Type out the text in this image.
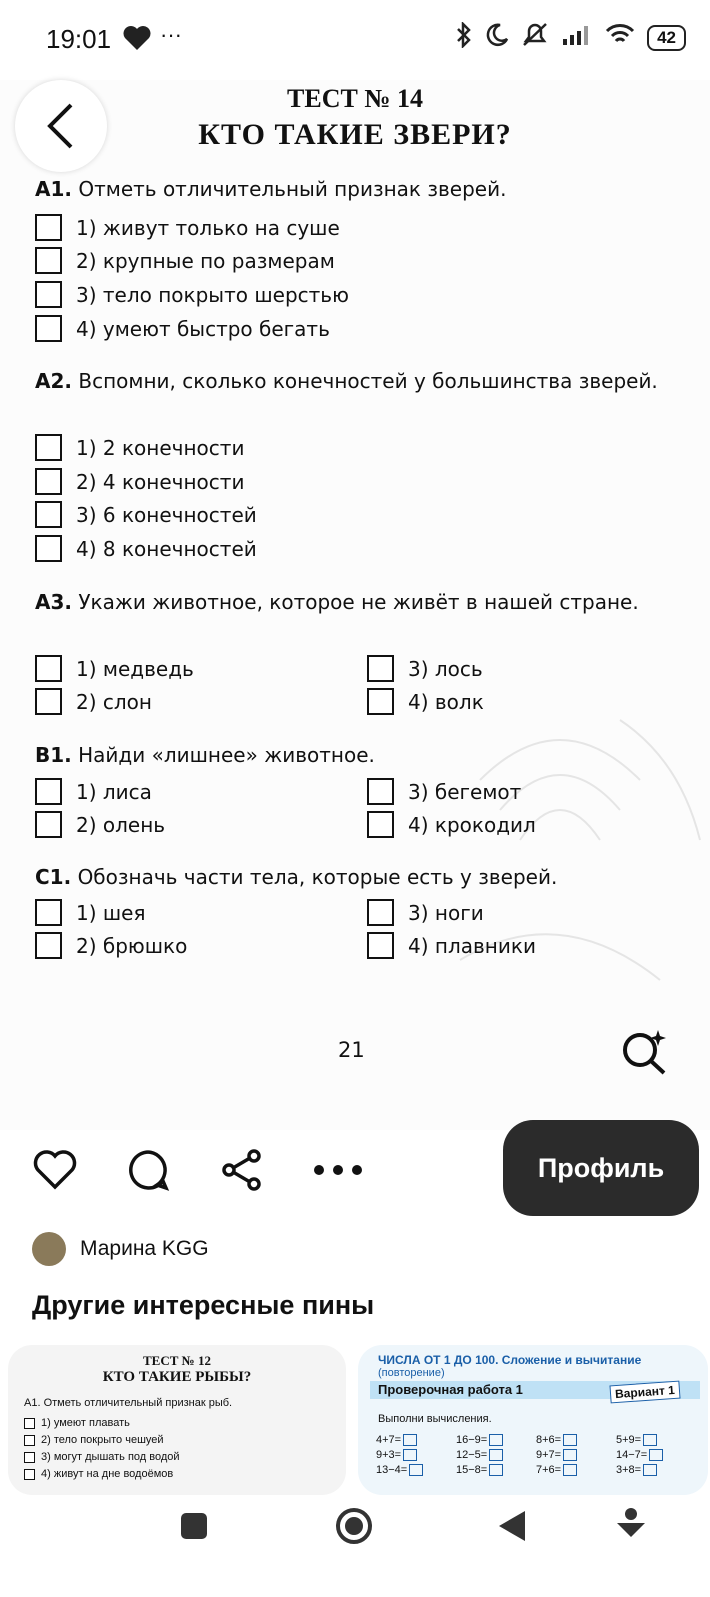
19:01 ···	42
ТЕСТ № 14
КТО ТАКИЕ ЗВЕРИ?
А1. Отметь отличительный признак зверей.
1) живут только на суше
2) крупные по размерам
3) тело покрыто шерстью
4) умеют быстро бегать
А2. Вспомни, сколько конечностей у большинства зверей.
1) 2 конечности
2) 4 конечности
3) 6 конечностей
4) 8 конечностей
А3. Укажи животное, которое не живёт в нашей стране.
1) медведь
2) слон
3) лось
4) волк
В1. Найди «лишнее» животное.
1) лиса
2) олень
3) бегемот
4) крокодил
С1. Обозначь части тела, которые есть у зверей.
1) шея
2) брюшко
3) ноги
4) плавники
21
Профиль
Марина KGG
Другие интересные пины
ТЕСТ № 12
КТО ТАКИЕ РЫБЫ?
А1. Отметь отличительный признак рыб.
1) умеют плавать
2) тело покрыто чешуей
3) могут дышать под водой
4) живут на дне водоёмов
ЧИСЛА ОТ 1 ДО 100. Сложение и вычитание
(повторение)
Проверочная работа 1	Вариант 1
Выполни вычисления.
4+7=	16−9=	8+6=	5+9=
9+3=	12−5=	9+7=	14−7=
13−4=	15−8=	7+6=	3+8=
